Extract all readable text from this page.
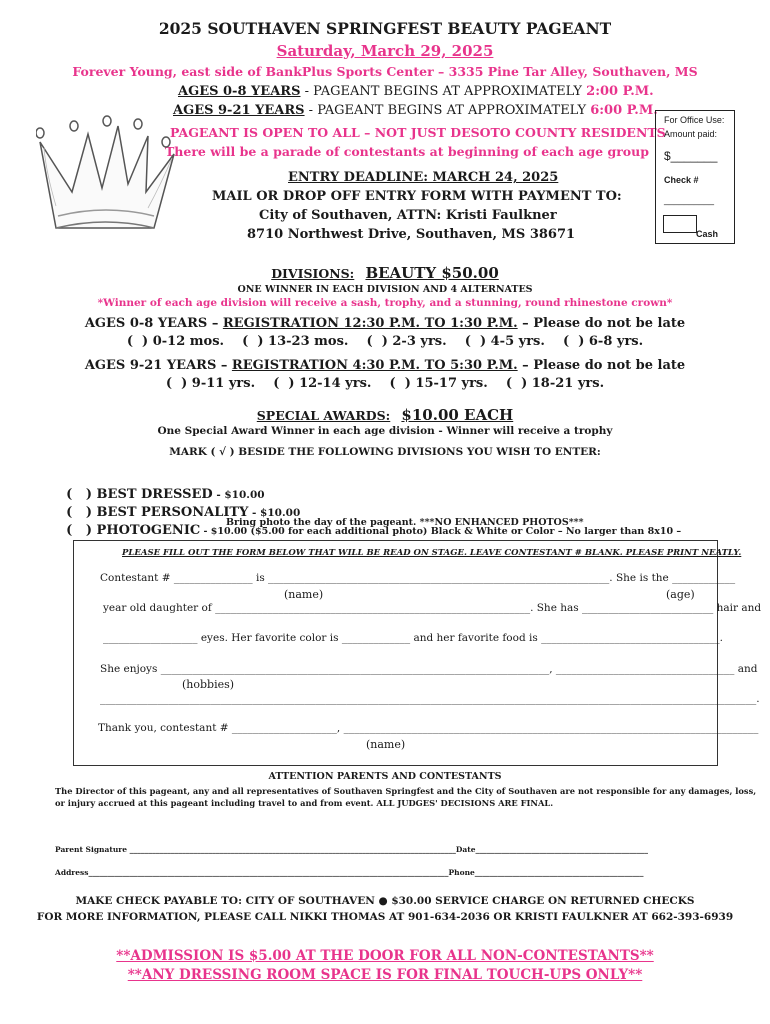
2025 SOUTHAVEN SPRINGFEST BEAUTY PAGEANT
Saturday, March 29, 2025
Forever Young, east side of BankPlus Sports Center – 3335 Pine Tar Alley, Southaven, MS
AGES 0-8 YEARS - PAGEANT BEGINS AT APPROXIMATELY 2:00 P.M.
AGES 9-21 YEARS - PAGEANT BEGINS AT APPROXIMATELY 6:00 P.M.
PAGEANT IS OPEN TO ALL – NOT JUST DESOTO COUNTY RESIDENTS
There will be a parade of contestants at beginning of each age group
ENTRY DEADLINE: MARCH 24, 2025
MAIL OR DROP OFF ENTRY FORM WITH PAYMENT TO:
City of Southaven, ATTN: Kristi Faulkner
8710 Northwest Drive, Southaven, MS 38671
For Office Use:
Amount paid:
$_______
Check #
__________
Cash
DIVISIONS: BEAUTY $50.00
ONE WINNER IN EACH DIVISION AND 4 ALTERNATES
*Winner of each age division will receive a sash, trophy, and a stunning, round rhinestone crown*
AGES 0-8 YEARS – REGISTRATION 12:30 P.M. TO 1:30 P.M. – Please do not be late
(  ) 0-12 mos.    (  ) 13-23 mos.    (  ) 2-3 yrs.    (  ) 4-5 yrs.    (  ) 6-8 yrs.
AGES 9-21 YEARS – REGISTRATION 4:30 P.M. TO 5:30 P.M. – Please do not be late
(  ) 9-11 yrs.    (  ) 12-14 yrs.    (  ) 15-17 yrs.    (  ) 18-21 yrs.
SPECIAL AWARDS: $10.00 EACH
One Special Award Winner in each age division - Winner will receive a trophy
MARK ( √ ) BESIDE THE FOLLOWING DIVISIONS YOU WISH TO ENTER:

(   ) BEST DRESSED - $10.00

(   ) BEST PERSONALITY - $10.00

(   ) PHOTOGENIC - $10.00 ($5.00 for each additional photo) Black & White or Color – No larger than 8x10 –

Bring photo the day of the pageant. ***NO ENHANCED PHOTOS***
PLEASE FILL OUT THE FORM BELOW THAT WILL BE READ ON STAGE. LEAVE CONTESTANT # BLANK. PLEASE PRINT NEATLY.
Contestant # _______________ is _________________________________________________________________. She is the ____________
(name)	(age)
year old daughter of ____________________________________________________________. She has _________________________ hair and
__________________ eyes. Her favorite color is _____________ and her favorite food is __________________________________.
She enjoys __________________________________________________________________________, __________________________________ and
(hobbies)
_____________________________________________________________________________________________________________________________.
Thank you, contestant # ____________________, _______________________________________________________________________________
(name)
ATTENTION PARENTS AND CONTESTANTS
The Director of this pageant, any and all representatives of Southaven Springfest and the City of Southaven are not responsible for any damages, loss,
or injury accrued at this pageant including travel to and from event. ALL JUDGES' DECISIONS ARE FINAL.
Parent Signature _______________________________________________________________________________________Date______________________________________________
Address________________________________________________________________________________________________Phone_____________________________________________
MAKE CHECK PAYABLE TO: CITY OF SOUTHAVEN ● $30.00 SERVICE CHARGE ON RETURNED CHECKS
FOR MORE INFORMATION, PLEASE CALL NIKKI THOMAS AT 901-634-2036 OR KRISTI FAULKNER AT 662-393-6939
**ADMISSION IS $5.00 AT THE DOOR FOR ALL NON-CONTESTANTS**
**ANY DRESSING ROOM SPACE IS FOR FINAL TOUCH-UPS ONLY**
